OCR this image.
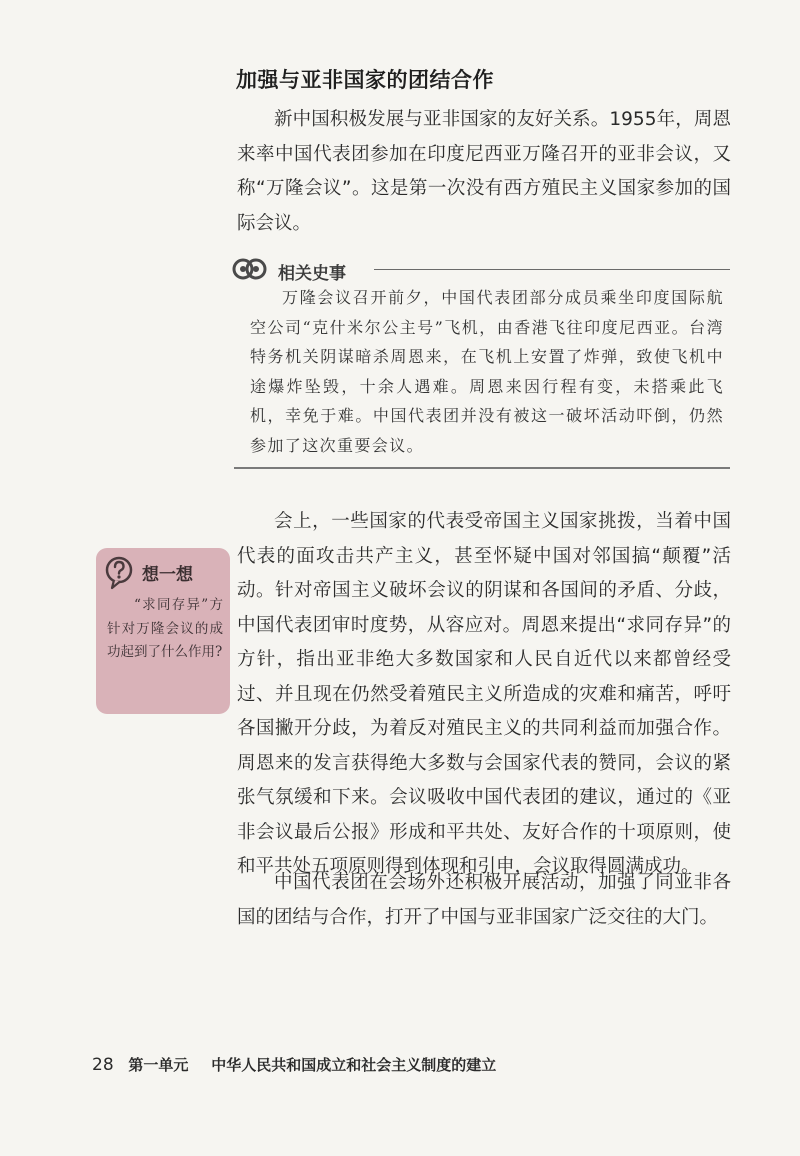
加强与亚非国家的团结合作

新中国积极发展与亚非国家的友好关系。1955年，周恩来率中国代表团参加在印度尼西亚万隆召开的亚非会议，又称“万隆会议”。这是第一次没有西方殖民主义国家参加的国际会议。

相关史事

万隆会议召开前夕，中国代表团部分成员乘坐印度国际航空公司“克什米尔公主号”飞机，由香港飞往印度尼西亚。台湾特务机关阴谋暗杀周恩来，在飞机上安置了炸弹，致使飞机中途爆炸坠毁，十余人遇难。周恩来因行程有变，未搭乘此飞机，幸免于难。中国代表团并没有被这一破坏活动吓倒，仍然参加了这次重要会议。

想一想

“求同存异”方针对万隆会议的成功起到了什么作用?

会上，一些国家的代表受帝国主义国家挑拨，当着中国代表的面攻击共产主义，甚至怀疑中国对邻国搞“颠覆”活动。针对帝国主义破坏会议的阴谋和各国间的矛盾、分歧，中国代表团审时度势，从容应对。周恩来提出“求同存异”的方针，指出亚非绝大多数国家和人民自近代以来都曾经受过、并且现在仍然受着殖民主义所造成的灾难和痛苦，呼吁各国撇开分歧，为着反对殖民主义的共同利益而加强合作。周恩来的发言获得绝大多数与会国家代表的赞同，会议的紧张气氛缓和下来。会议吸收中国代表团的建议，通过的《亚非会议最后公报》形成和平共处、友好合作的十项原则，使和平共处五项原则得到体现和引申，会议取得圆满成功。

中国代表团在会场外还积极开展活动，加强了同亚非各国的团结与合作，打开了中国与亚非国家广泛交往的大门。

28 第一单元 中华人民共和国成立和社会主义制度的建立
